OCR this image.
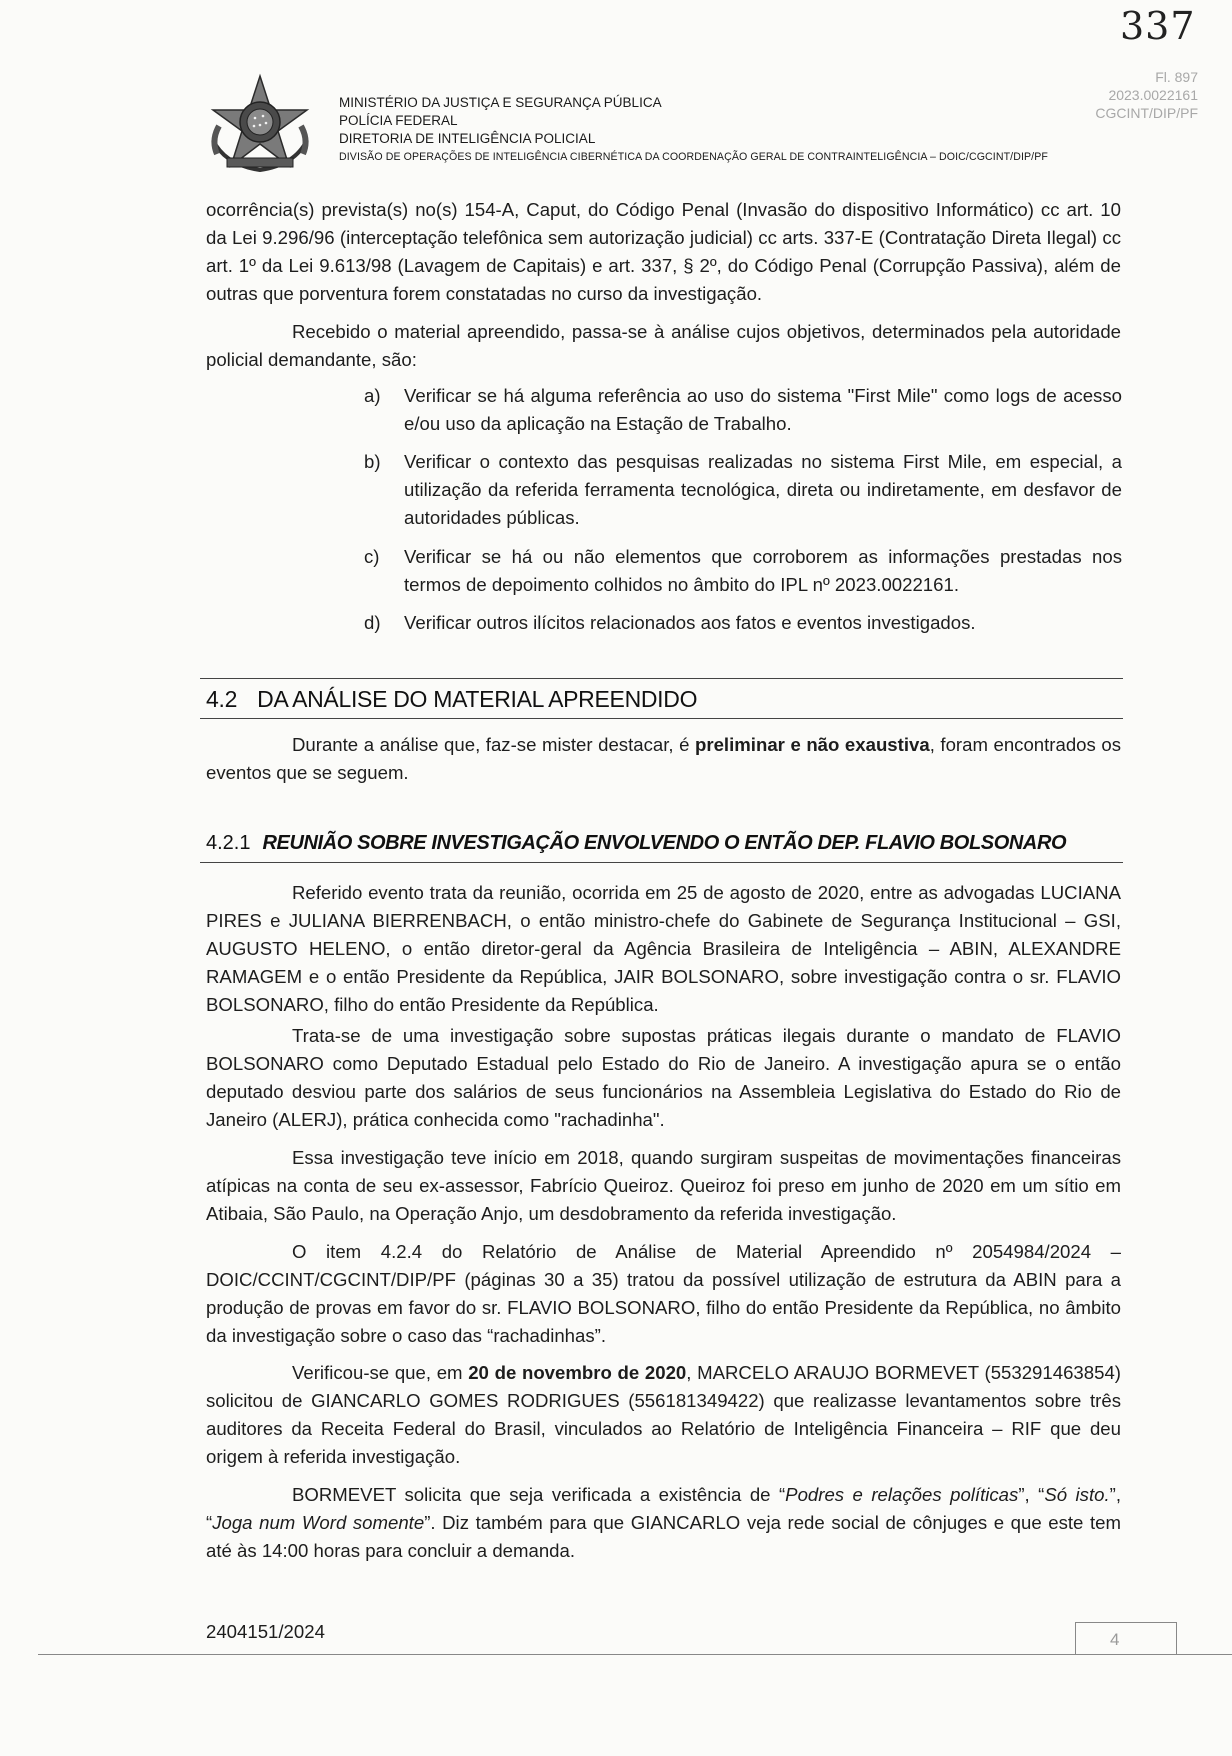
337
Fl. 897
2023.0022161
CGCINT/DIP/PF
MINISTÉRIO DA JUSTIÇA E SEGURANÇA PÚBLICA
POLÍCIA FEDERAL
DIRETORIA DE INTELIGÊNCIA POLICIAL
DIVISÃO DE OPERAÇÕES DE INTELIGÊNCIA CIBERNÉTICA DA COORDENAÇÃO GERAL DE CONTRAINTELIGÊNCIA – DOIC/CGCINT/DIP/PF
ocorrência(s) prevista(s) no(s) 154-A, Caput, do Código Penal (Invasão do dispositivo Informático) cc art. 10 da Lei 9.296/96 (interceptação telefônica sem autorização judicial) cc arts. 337-E (Contratação Direta Ilegal) cc art. 1º da Lei 9.613/98 (Lavagem de Capitais) e art. 337, § 2º, do Código Penal (Corrupção Passiva), além de outras que porventura forem constatadas no curso da investigação.
Recebido o material apreendido, passa-se à análise cujos objetivos, determinados pela autoridade policial demandante, são:
a) Verificar se há alguma referência ao uso do sistema "First Mile" como logs de acesso e/ou uso da aplicação na Estação de Trabalho.
b) Verificar o contexto das pesquisas realizadas no sistema First Mile, em especial, a utilização da referida ferramenta tecnológica, direta ou indiretamente, em desfavor de autoridades públicas.
c) Verificar se há ou não elementos que corroborem as informações prestadas nos termos de depoimento colhidos no âmbito do IPL nº 2023.0022161.
d) Verificar outros ilícitos relacionados aos fatos e eventos investigados.
4.2 DA ANÁLISE DO MATERIAL APREENDIDO
Durante a análise que, faz-se mister destacar, é preliminar e não exaustiva, foram encontrados os eventos que se seguem.
4.2.1 REUNIÃO SOBRE INVESTIGAÇÃO ENVOLVENDO O ENTÃO DEP. FLAVIO BOLSONARO
Referido evento trata da reunião, ocorrida em 25 de agosto de 2020, entre as advogadas LUCIANA PIRES e JULIANA BIERRENBACH, o então ministro-chefe do Gabinete de Segurança Institucional – GSI, AUGUSTO HELENO, o então diretor-geral da Agência Brasileira de Inteligência – ABIN, ALEXANDRE RAMAGEM e o então Presidente da República, JAIR BOLSONARO, sobre investigação contra o sr. FLAVIO BOLSONARO, filho do então Presidente da República.
Trata-se de uma investigação sobre supostas práticas ilegais durante o mandato de FLAVIO BOLSONARO como Deputado Estadual pelo Estado do Rio de Janeiro. A investigação apura se o então deputado desviou parte dos salários de seus funcionários na Assembleia Legislativa do Estado do Rio de Janeiro (ALERJ), prática conhecida como "rachadinha".
Essa investigação teve início em 2018, quando surgiram suspeitas de movimentações financeiras atípicas na conta de seu ex-assessor, Fabrício Queiroz. Queiroz foi preso em junho de 2020 em um sítio em Atibaia, São Paulo, na Operação Anjo, um desdobramento da referida investigação.
O item 4.2.4 do Relatório de Análise de Material Apreendido nº 2054984/2024 – DOIC/CCINT/CGCINT/DIP/PF (páginas 30 a 35) tratou da possível utilização de estrutura da ABIN para a produção de provas em favor do sr. FLAVIO BOLSONARO, filho do então Presidente da República, no âmbito da investigação sobre o caso das “rachadinhas”.
Verificou-se que, em 20 de novembro de 2020, MARCELO ARAUJO BORMEVET (553291463854) solicitou de GIANCARLO GOMES RODRIGUES (556181349422) que realizasse levantamentos sobre três auditores da Receita Federal do Brasil, vinculados ao Relatório de Inteligência Financeira – RIF que deu origem à referida investigação.
BORMEVET solicita que seja verificada a existência de “Podres e relações políticas”, “Só isto.”, “Joga num Word somente”. Diz também para que GIANCARLO veja rede social de cônjuges e que este tem até às 14:00 horas para concluir a demanda.
2404151/2024	4
